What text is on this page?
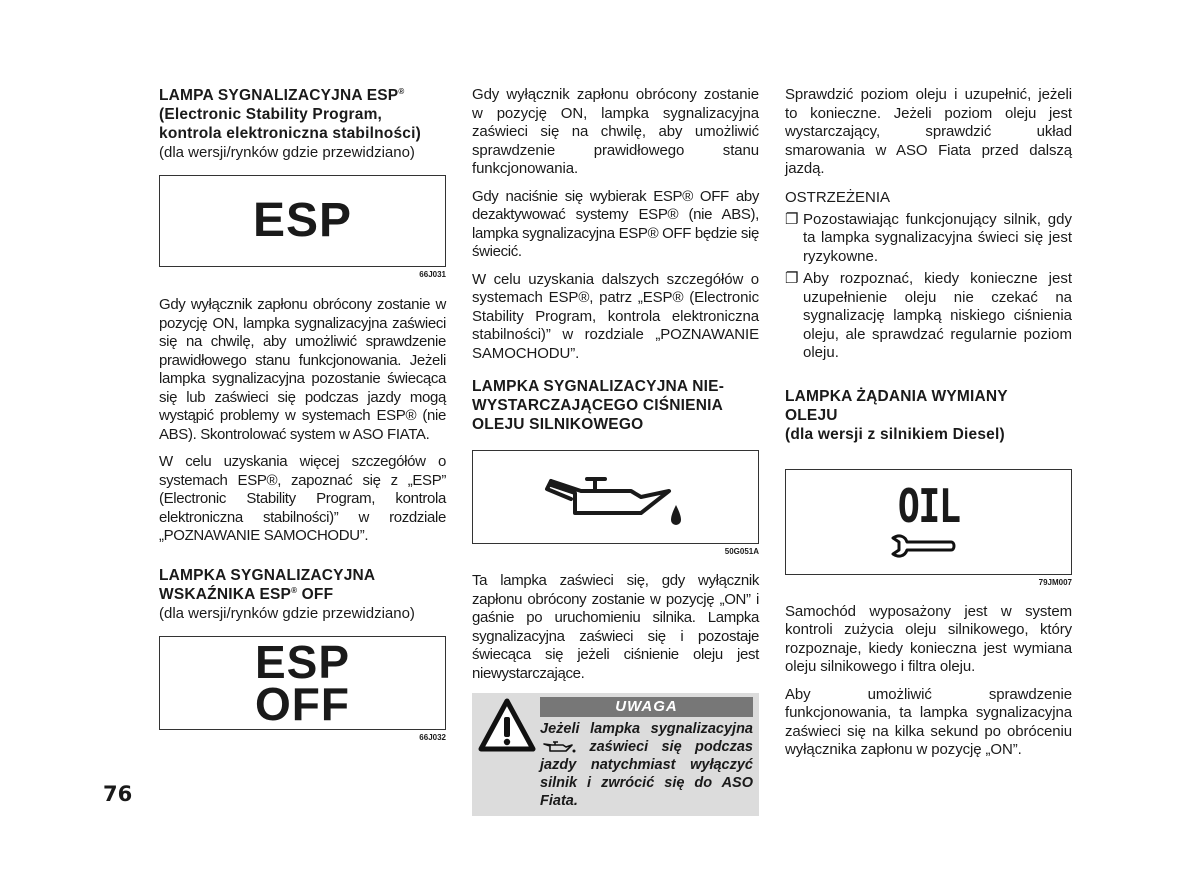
LAMPA SYGNALIZACYJNA ESP®
(Electronic Stability Program,
kontrola elektroniczna stabilności)

(dla wersji/rynków gdzie przewidziano)

ESP
66J031

Gdy wyłącznik zapłonu obrócony zostanie w pozycję ON, lampka sygnalizacyjna zaświeci się na chwilę, aby umożliwić sprawdzenie prawidłowego stanu funkcjonowania. Jeżeli lampka sygnalizacyjna pozostanie świecąca się lub zaświeci się podczas jazdy mogą wystąpić problemy w systemach ESP® (nie ABS). Skontrolować system w ASO FIATA.

W celu uzyskania więcej szczegółów o systemach ESP®, zapoznać się z „ESP” (Electronic Stability Program, kontrola elektroniczna stabilności)” w rozdziale „POZNAWANIE SAMOCHODU”.

LAMPKA SYGNALIZACYJNA
WSKAŹNIKA ESP® OFF

(dla wersji/rynków gdzie przewidziano)

ESP
OFF
66J032

Gdy wyłącznik zapłonu obrócony zostanie w pozycję ON, lampka sygnalizacyjna zaświeci się na chwilę, aby umożliwić sprawdzenie prawidłowego stanu funkcjonowania.

Gdy naciśnie się wybierak ESP® OFF aby dezaktywować systemy ESP® (nie ABS), lampka sygnalizacyjna ESP® OFF będzie się świecić.

W celu uzyskania dalszych szczegółów o systemach ESP®, patrz „ESP® (Electronic Stability Program, kontrola elektroniczna stabilności)” w rozdziale „POZNAWANIE SAMOCHODU”.

LAMPKA SYGNALIZACYJNA NIE-
WYSTARCZAJĄCEGO CIŚNIENIA
OLEJU SILNIKOWEGO

50G051A

Ta lampka zaświeci się, gdy wyłącznik zapłonu obrócony zostanie w pozycję „ON” i gaśnie po uruchomieniu silnika. Lampka sygnalizacyjna zaświeci się i pozostaje świecąca się jeżeli ciśnienie oleju jest niewystarczające.

UWAGA
Jeżeli lampka sygnalizacyjna  zaświeci się podczas jazdy natychmiast wyłączyć silnik i zwrócić się do ASO Fiata.

Sprawdzić poziom oleju i uzupełnić, jeżeli to konieczne. Jeżeli poziom oleju jest wystarczający, sprawdzić układ smarowania w ASO Fiata przed dalszą jazdą.

OSTRZEŻENIA

❐ Pozostawiając funkcjonujący silnik, gdy ta lampka sygnalizacyjna świeci się jest ryzykowne.
❐ Aby rozpoznać, kiedy konieczne jest uzupełnienie oleju nie czekać na sygnalizację lampką niskiego ciśnienia oleju, ale sprawdzać regularnie poziom oleju.

LAMPKA ŻĄDANIA WYMIANY
OLEJU
(dla wersji z silnikiem Diesel)

OIL
79JM007

Samochód wyposażony jest w system kontroli zużycia oleju silnikowego, który rozpoznaje, kiedy konieczna jest wymiana oleju silnikowego i filtra oleju.

Aby umożliwić sprawdzenie funkcjonowania, ta lampka sygnalizacyjna zaświeci się na kilka sekund po obróceniu wyłącznika zapłonu w pozycję „ON”.

76
